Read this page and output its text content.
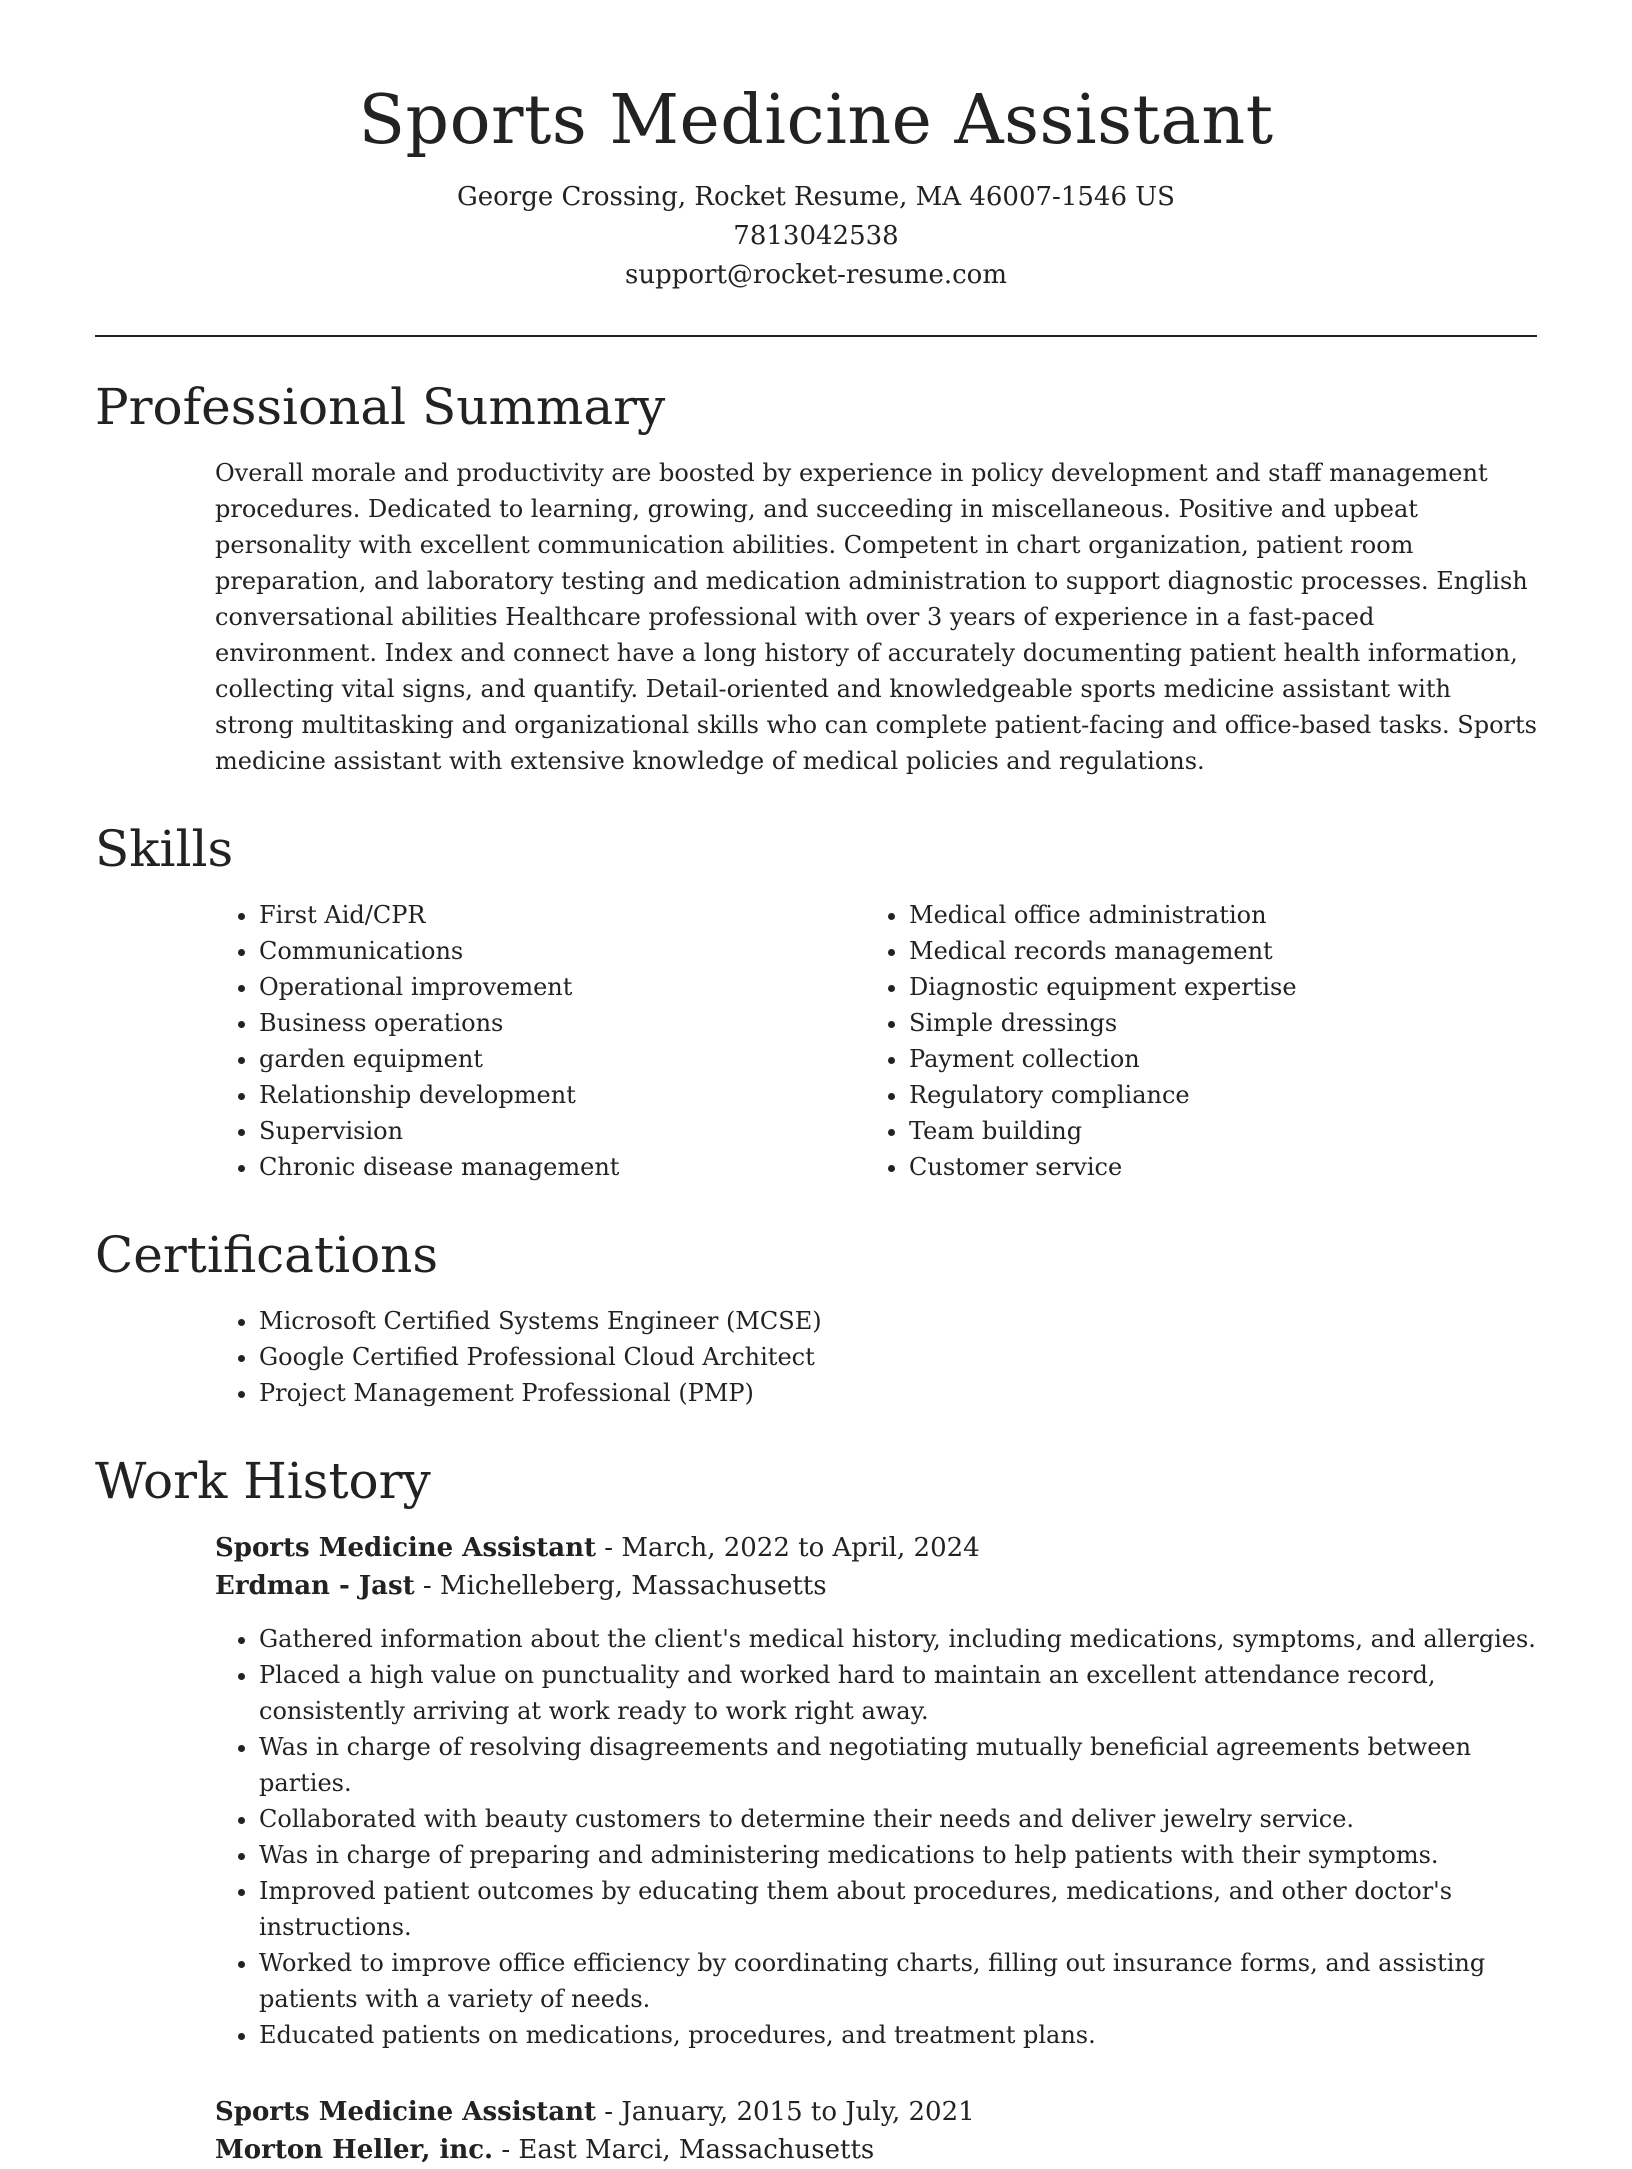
Sports Medicine Assistant
George Crossing, Rocket Resume, MA 46007-1546 US
7813042538
support@rocket-resume.com
Professional Summary

Overall morale and productivity are boosted by experience in policy development and staff management procedures. Dedicated to learning, growing, and succeeding in miscellaneous. Positive and upbeat personality with excellent communication abilities. Competent in chart organization, patient room preparation, and laboratory testing and medication administration to support diagnostic processes. English conversational abilities Healthcare professional with over 3 years of experience in a fast-paced environment. Index and connect have a long history of accurately documenting patient health information, collecting vital signs, and quantify. Detail-oriented and knowledgeable sports medicine assistant with strong multitasking and organizational skills who can complete patient-facing and office-based tasks. Sports medicine assistant with extensive knowledge of medical policies and regulations.

Skills
• First Aid/CPR
• Communications
• Operational improvement
• Business operations
• garden equipment
• Relationship development
• Supervision
• Chronic disease management
• Medical office administration
• Medical records management
• Diagnostic equipment expertise
• Simple dressings
• Payment collection
• Regulatory compliance
• Team building
• Customer service
Certifications
• Microsoft Certified Systems Engineer (MCSE)
• Google Certified Professional Cloud Architect
• Project Management Professional (PMP)
Work History
Sports Medicine Assistant - March, 2022 to April, 2024
Erdman - Jast - Michelleberg, Massachusetts
• Gathered information about the client's medical history, including medications, symptoms, and allergies.
• Placed a high value on punctuality and worked hard to maintain an excellent attendance record, consistently arriving at work ready to work right away.
• Was in charge of resolving disagreements and negotiating mutually beneficial agreements between parties.
• Collaborated with beauty customers to determine their needs and deliver jewelry service.
• Was in charge of preparing and administering medications to help patients with their symptoms.
• Improved patient outcomes by educating them about procedures, medications, and other doctor's instructions.
• Worked to improve office efficiency by coordinating charts, filling out insurance forms, and assisting patients with a variety of needs.
• Educated patients on medications, procedures, and treatment plans.
Sports Medicine Assistant - January, 2015 to July, 2021
Morton Heller, inc. - East Marci, Massachusetts
